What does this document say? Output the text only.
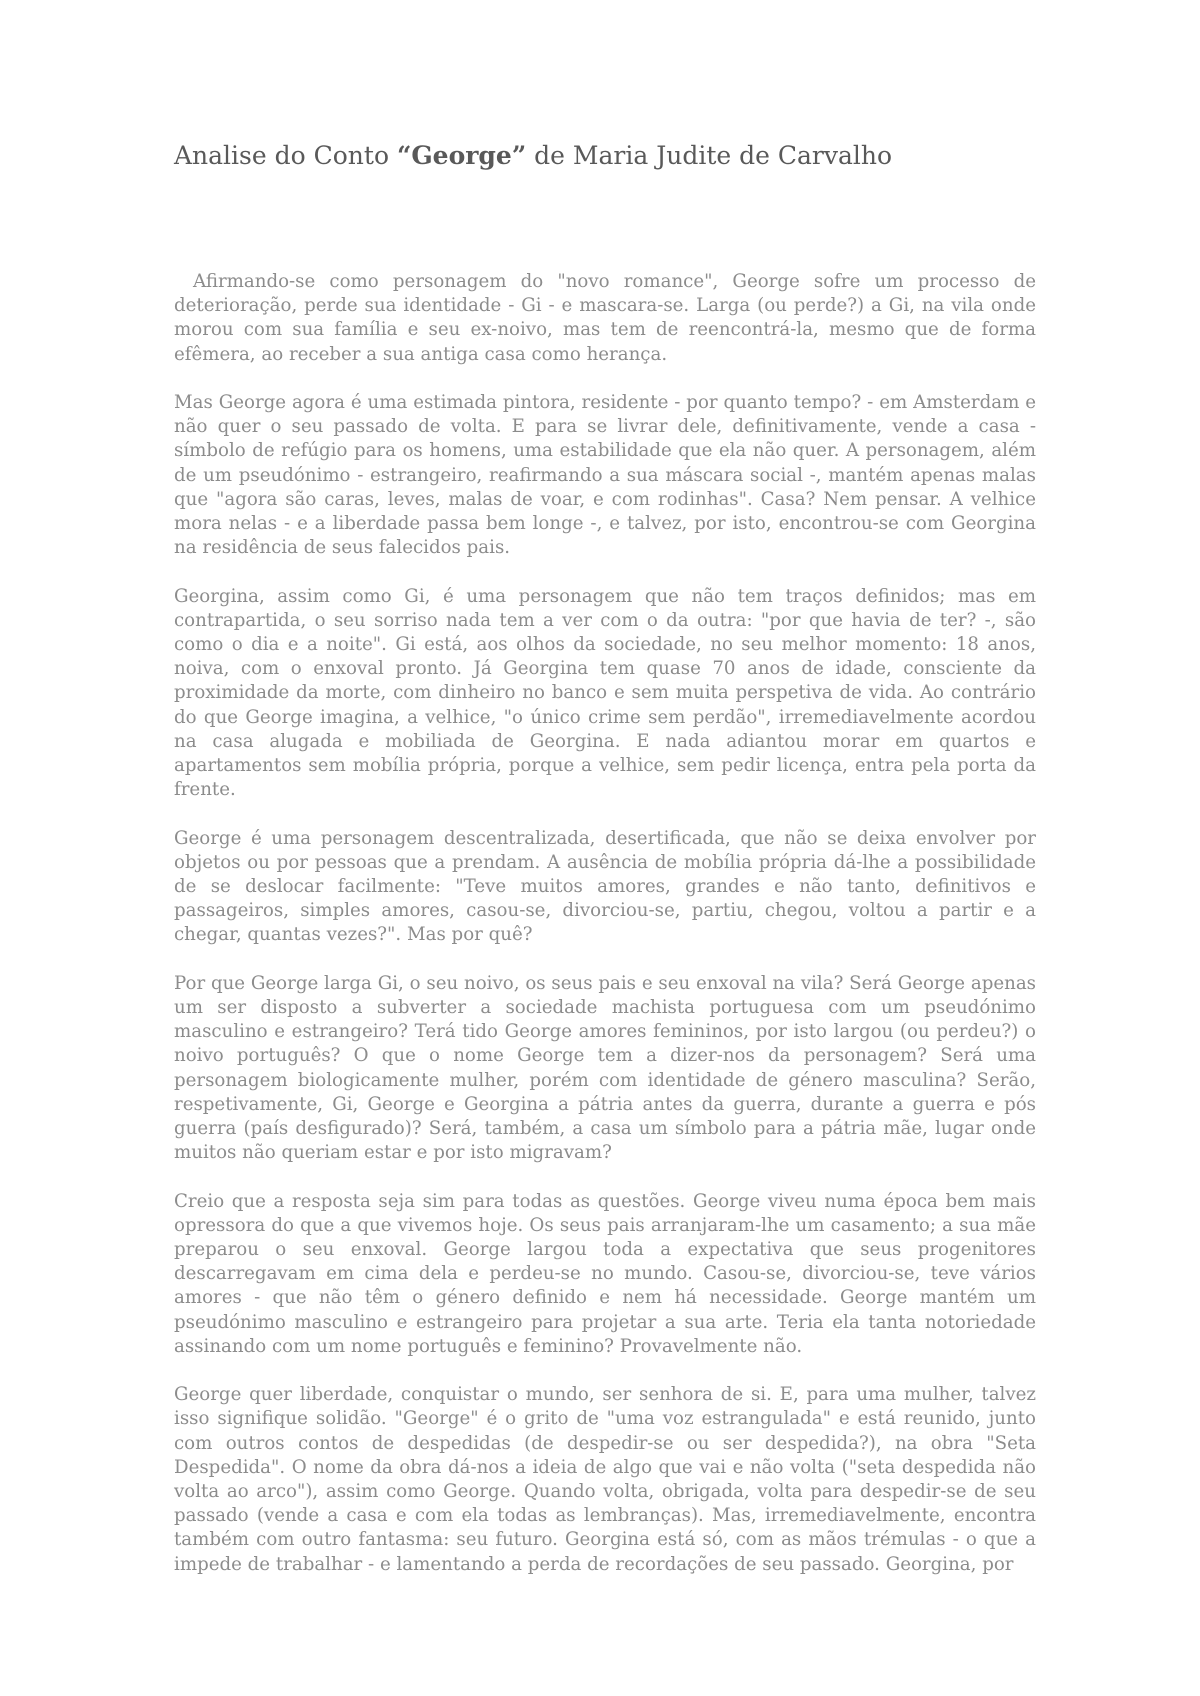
Analise do Conto “George” de Maria Judite de Carvalho

Afirmando-se como personagem do "novo romance", George sofre um processo de deterioração, perde sua identidade - Gi - e mascara-se. Larga (ou perde?) a Gi, na vila onde morou com sua família e seu ex-noivo, mas tem de reencontrá-la, mesmo que de forma efêmera, ao receber a sua antiga casa como herança.

Mas George agora é uma estimada pintora, residente - por quanto tempo? - em Amsterdam e não quer o seu passado de volta. E para se livrar dele, definitivamente, vende a casa - símbolo de refúgio para os homens, uma estabilidade que ela não quer. A personagem, além de um pseudónimo - estrangeiro, reafirmando a sua máscara social -, mantém apenas malas que "agora são caras, leves, malas de voar, e com rodinhas". Casa? Nem pensar. A velhice mora nelas - e a liberdade passa bem longe -, e talvez, por isto, encontrou-se com Georgina na residência de seus falecidos pais.

Georgina, assim como Gi, é uma personagem que não tem traços definidos; mas em contrapartida, o seu sorriso nada tem a ver com o da outra: "por que havia de ter? -, são como o dia e a noite". Gi está, aos olhos da sociedade, no seu melhor momento: 18 anos, noiva, com o enxoval pronto. Já Georgina tem quase 70 anos de idade, consciente da proximidade da morte, com dinheiro no banco e sem muita perspetiva de vida. Ao contrário do que George imagina, a velhice, "o único crime sem perdão", irremediavelmente acordou na casa alugada e mobiliada de Georgina. E nada adiantou morar em quartos e apartamentos sem mobília própria, porque a velhice, sem pedir licença, entra pela porta da frente.

George é uma personagem descentralizada, desertificada, que não se deixa envolver por objetos ou por pessoas que a prendam. A ausência de mobília própria dá-lhe a possibilidade de se deslocar facilmente: "Teve muitos amores, grandes e não tanto, definitivos e passageiros, simples amores, casou-se, divorciou-se, partiu, chegou, voltou a partir e a chegar, quantas vezes?". Mas por quê?

Por que George larga Gi, o seu noivo, os seus pais e seu enxoval na vila? Será George apenas um ser disposto a subverter a sociedade machista portuguesa com um pseudónimo masculino e estrangeiro? Terá tido George amores femininos, por isto largou (ou perdeu?) o noivo português? O que o nome George tem a dizer-nos da personagem? Será uma personagem biologicamente mulher, porém com identidade de género masculina? Serão, respetivamente, Gi, George e Georgina a pátria antes da guerra, durante a guerra e pós guerra (país desfigurado)? Será, também, a casa um símbolo para a pátria mãe, lugar onde muitos não queriam estar e por isto migravam?

Creio que a resposta seja sim para todas as questões. George viveu numa época bem mais opressora do que a que vivemos hoje. Os seus pais arranjaram-lhe um casamento; a sua mãe preparou o seu enxoval. George largou toda a expectativa que seus progenitores descarregavam em cima dela e perdeu-se no mundo. Casou-se, divorciou-se, teve vários amores - que não têm o género definido e nem há necessidade. George mantém um pseudónimo masculino e estrangeiro para projetar a sua arte. Teria ela tanta notoriedade assinando com um nome português e feminino? Provavelmente não.

George quer liberdade, conquistar o mundo, ser senhora de si. E, para uma mulher, talvez isso signifique solidão. "George" é o grito de "uma voz estrangulada" e está reunido, junto com outros contos de despedidas (de despedir-se ou ser despedida?), na obra "Seta Despedida". O nome da obra dá-nos a ideia de algo que vai e não volta ("seta despedida não volta ao arco"), assim como George. Quando volta, obrigada, volta para despedir-se de seu passado (vende a casa e com ela todas as lembranças). Mas, irremediavelmente, encontra também com outro fantasma: seu futuro. Georgina está só, com as mãos trémulas - o que a impede de trabalhar - e lamentando a perda de recordações de seu passado. Georgina, por
